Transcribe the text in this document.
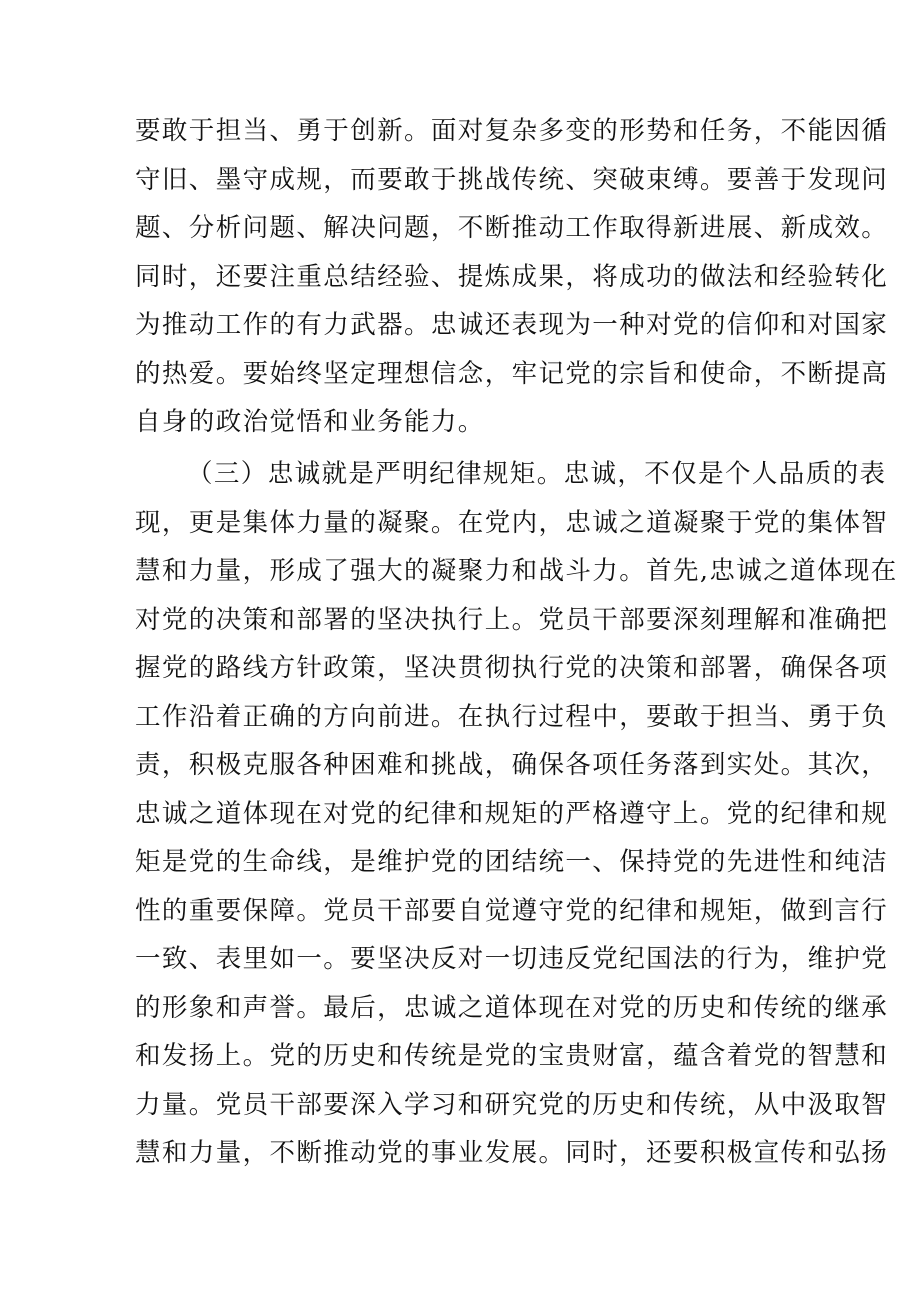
要敢于担当、勇于创新。面对复杂多变的形势和任务，不能因循
守旧、墨守成规，而要敢于挑战传统、突破束缚。要善于发现问
题、分析问题、解决问题，不断推动工作取得新进展、新成效。
同时，还要注重总结经验、提炼成果，将成功的做法和经验转化
为推动工作的有力武器。忠诚还表现为一种对党的信仰和对国家
的热爱。要始终坚定理想信念，牢记党的宗旨和使命，不断提高
自身的政治觉悟和业务能力。
（三）忠诚就是严明纪律规矩。忠诚，不仅是个人品质的表
现，更是集体力量的凝聚。在党内，忠诚之道凝聚于党的集体智
慧和力量，形成了强大的凝聚力和战斗力。首先,忠诚之道体现在
对党的决策和部署的坚决执行上。党员干部要深刻理解和准确把
握党的路线方针政策，坚决贯彻执行党的决策和部署，确保各项
工作沿着正确的方向前进。在执行过程中，要敢于担当、勇于负
责，积极克服各种困难和挑战，确保各项任务落到实处。其次，
忠诚之道体现在对党的纪律和规矩的严格遵守上。党的纪律和规
矩是党的生命线，是维护党的团结统一、保持党的先进性和纯洁
性的重要保障。党员干部要自觉遵守党的纪律和规矩，做到言行
一致、表里如一。要坚决反对一切违反党纪国法的行为，维护党
的形象和声誉。最后，忠诚之道体现在对党的历史和传统的继承
和发扬上。党的历史和传统是党的宝贵财富，蕴含着党的智慧和
力量。党员干部要深入学习和研究党的历史和传统，从中汲取智
慧和力量，不断推动党的事业发展。同时，还要积极宣传和弘扬
